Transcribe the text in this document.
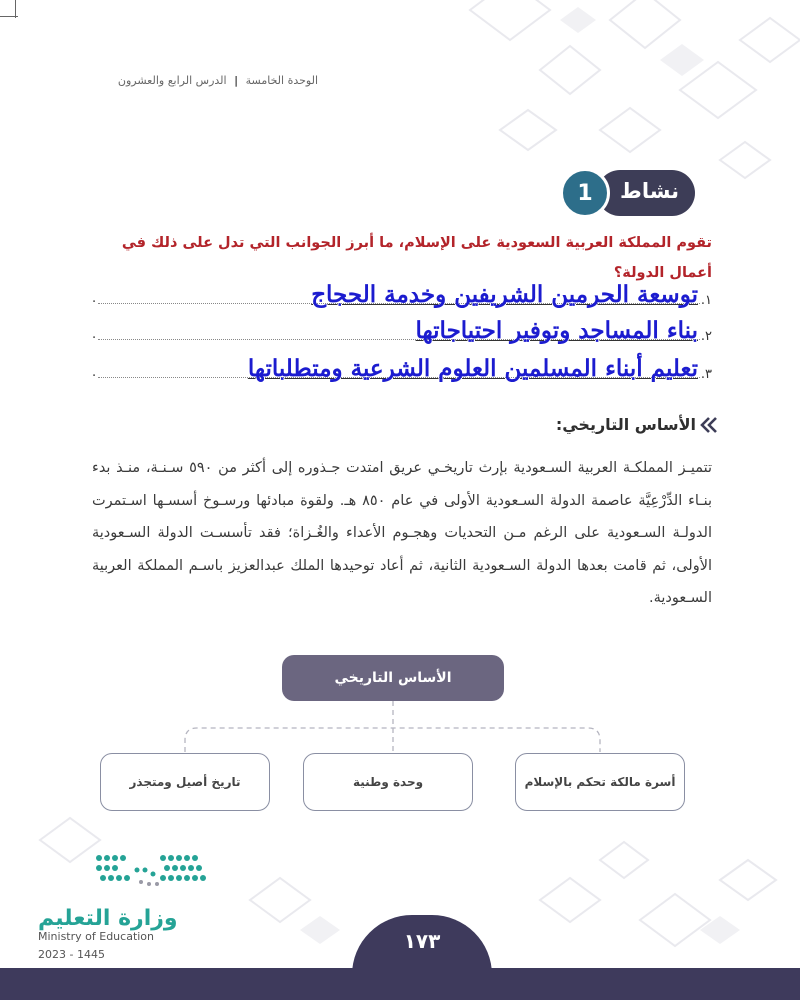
الوحدة الخامسة | الدرس الرابع والعشرون
نشاط
1
تقوم المملكة العربية السعودية على الإسلام، ما أبرز الجوانب التي تدل على ذلك في أعمال الدولة؟
١.
.	توسعة الحرمين الشريفين وخدمة الحجاج
٢.
.	بناء المساجد وتوفير احتياجاتها
٣.
.	تعليم أبناء المسلمين العلوم الشرعية ومتطلباتها
الأساس التاريخي:
تتميـز المملكـة العربية السـعودية بإرث تاريخـي عريق امتدت جـذوره إلى أكثر من ٥٩٠ سـنـة، منـذ بدء بنـاء الدِّرْعِيَّة عاصمة الدولة السـعودية الأولى في عام ٨٥٠ هـ. ولقوة مبادئها ورسـوخ أسسـها اسـتمرت الدولـة السـعودية على الرغم مـن التحديات وهجـوم الأعداء والغُـزاة؛ فقد تأسسـت الدولة السـعودية الأولى، ثم قامت بعدها الدولة السـعودية الثانية، ثم أعاد توحيدها الملك عبدالعزيز باسـم المملكة العربية السـعودية.
الأساس التاريخي
أسرة مالكة تحكم بالإسلام
وحدة وطنية
تاريخ أصيل ومتجذر
وزارة التعليم
Ministry of Education
2023 - 1445
١٧٣
